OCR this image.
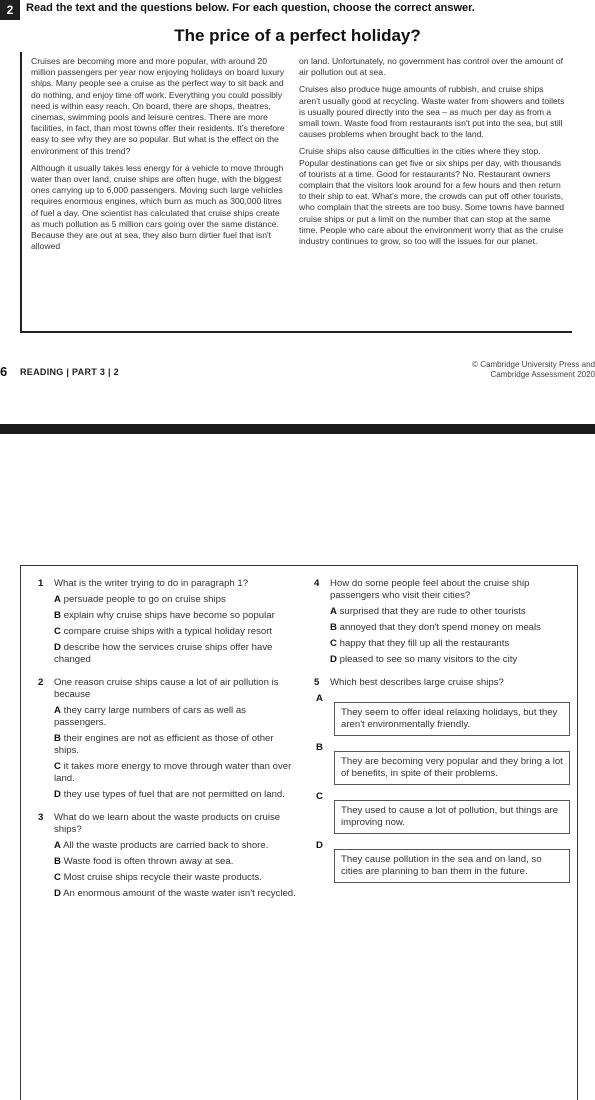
2	Read the text and the questions below. For each question, choose the correct answer.
The price of a perfect holiday?

Cruises are becoming more and more popular, with around 20 million passengers per year now enjoying holidays on board luxury ships. Many people see a cruise as the perfect way to sit back and do nothing, and enjoy time off work. Everything you could possibly need is within easy reach. On board, there are shops, theatres, cinemas, swimming pools and leisure centres. There are more facilities, in fact, than most towns offer their residents. It's therefore easy to see why they are so popular. But what is the effect on the environment of this trend?

Although it usually takes less energy for a vehicle to move through water than over land, cruise ships are often huge, with the biggest ones carrying up to 6,000 passengers. Moving such large vehicles requires enormous engines, which burn as much as 300,000 litres of fuel a day. One scientist has calculated that cruise ships create as much pollution as 5 million cars going over the same distance. Because they are out at sea, they also burn dirtier fuel that isn't allowed

on land. Unfortunately, no government has control over the amount of air pollution out at sea.

Cruises also produce huge amounts of rubbish, and cruise ships aren't usually good at recycling. Waste water from showers and toilets is usually poured directly into the sea – as much per day as from a small town. Waste food from restaurants isn't put into the sea, but still causes problems when brought back to the land.

Cruise ships also cause difficulties in the cities where they stop. Popular destinations can get five or six ships per day, with thousands of tourists at a time. Good for restaurants? No. Restaurant owners complain that the visitors look around for a few hours and then return to their ship to eat. What's more, the crowds can put off other tourists, who complain that the streets are too busy. Some towns have banned cruise ships or put a limit on the number that can stop at the same time. People who care about the environment worry that as the cruise industry continues to grow, so too will the issues for our planet.

6 READING | PART 3 | 2
© Cambridge University Press and
Cambridge Assessment 2020
1	What is the writer trying to do in paragraph 1?
A persuade people to go on cruise ships
B explain why cruise ships have become so popular
C compare cruise ships with a typical holiday resort
D describe how the services cruise ships offer have changed
2	One reason cruise ships cause a lot of air pollution is because
A they carry large numbers of cars as well as passengers.
B their engines are not as efficient as those of other ships.
C it takes more energy to move through water than over land.
D they use types of fuel that are not permitted on land.
3	What do we learn about the waste products on cruise ships?
A All the waste products are carried back to shore.
B Waste food is often thrown away at sea.
C Most cruise ships recycle their waste products.
D An enormous amount of the waste water isn't recycled.
4	How do some people feel about the cruise ship passengers who visit their cities?
A surprised that they are rude to other tourists
B annoyed that they don't spend money on meals
C happy that they fill up all the restaurants
D pleased to see so many visitors to the city
5	Which best describes large cruise ships?
A
They seem to offer ideal relaxing holidays, but they aren't environmentally friendly.
B
They are becoming very popular and they bring a lot of benefits, in spite of their problems.
C
They used to cause a lot of pollution, but things are improving now.
D
They cause pollution in the sea and on land, so cities are planning to ban them in the future.
